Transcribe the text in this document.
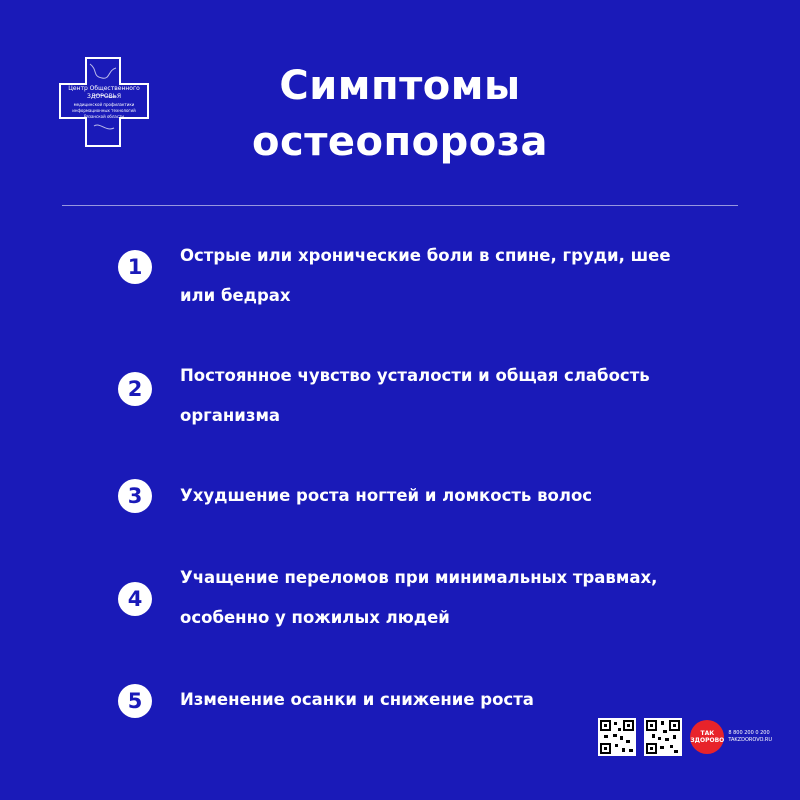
Центр Общественного
ЗДОРОВЬЯ
медицинской профилактики
информационных технологий
Рязанской области
Симптомы
остеопороза
1	Острые или хронические боли в спине, груди, шее или бедрах
2
Постоянное чувство усталости и общая слабость организма
3	Ухудшение роста ногтей и ломкость волос
4
Учащение переломов при минимальных травмах, особенно у пожилых людей
5	Изменение осанки и снижение роста
ТАК ЗДОРОВО
8 800 200 0 200
TAKZDOROVO.RU
